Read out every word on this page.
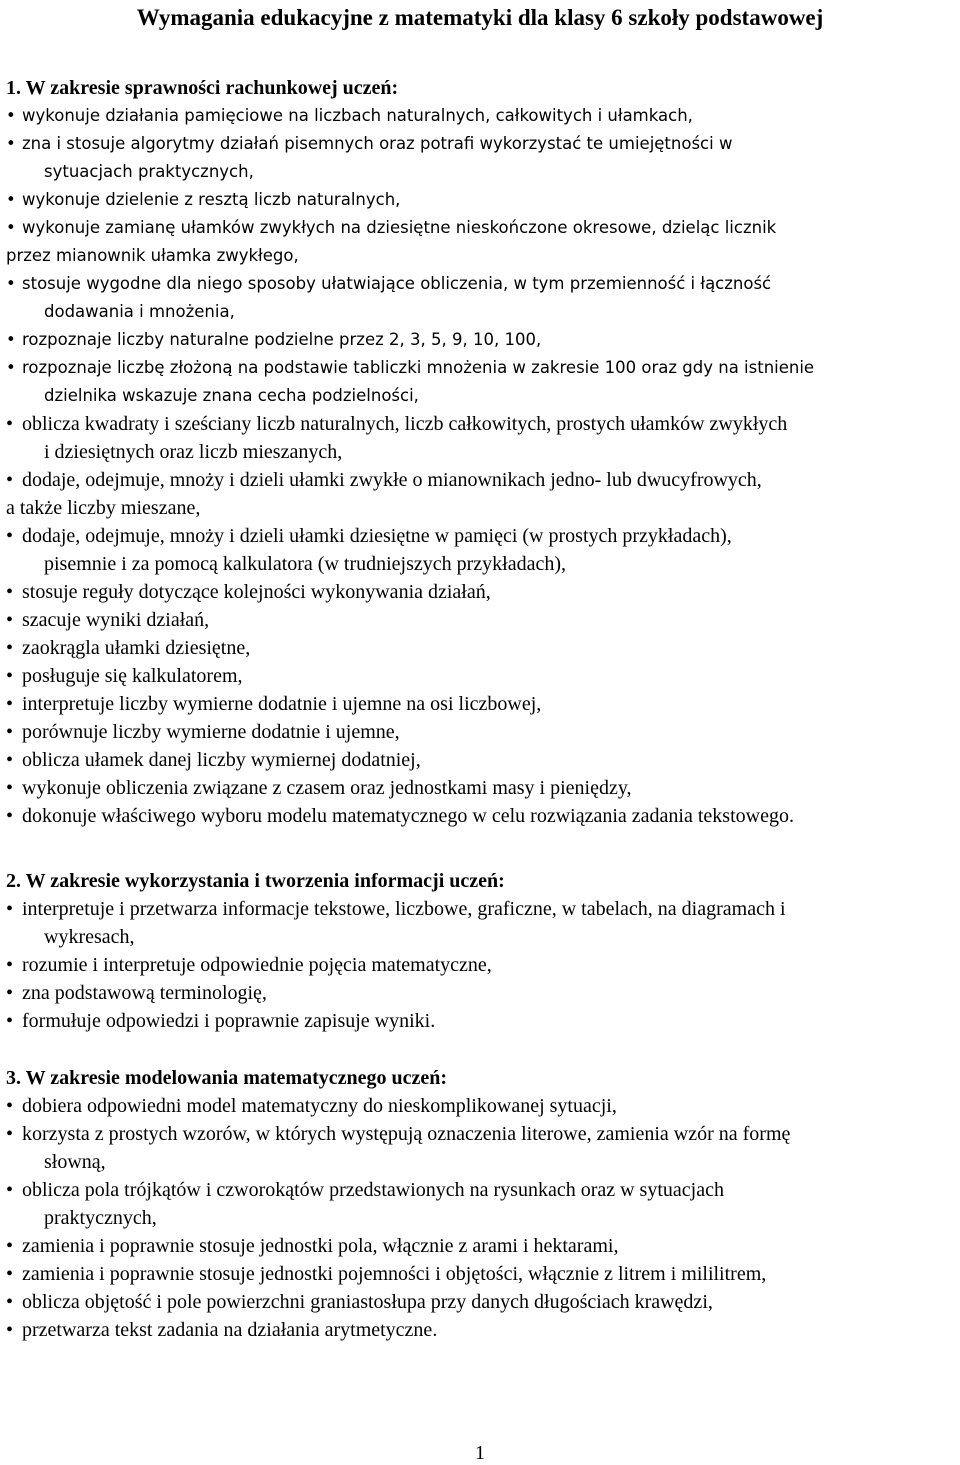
Wymagania edukacyjne z matematyki dla klasy 6 szkoły podstawowej
1. W zakresie sprawności rachunkowej uczeń:
• wykonuje działania pamięciowe na liczbach naturalnych, całkowitych i ułamkach,
• zna i stosuje algorytmy działań pisemnych oraz potrafi wykorzystać te umiejętności w
sytuacjach praktycznych,
• wykonuje dzielenie z resztą liczb naturalnych,
• wykonuje zamianę ułamków zwykłych na dziesiętne nieskończone okresowe, dzieląc licznik
przez mianownik ułamka zwykłego,
• stosuje wygodne dla niego sposoby ułatwiające obliczenia, w tym przemienność i łączność
dodawania i mnożenia,
• rozpoznaje liczby naturalne podzielne przez 2, 3, 5, 9, 10, 100,
• rozpoznaje liczbę złożoną na podstawie tabliczki mnożenia w zakresie 100 oraz gdy na istnienie
dzielnika wskazuje znana cecha podzielności,
• oblicza kwadraty i sześciany liczb naturalnych, liczb całkowitych, prostych ułamków zwykłych
i dziesiętnych oraz liczb mieszanych,
• dodaje, odejmuje, mnoży i dzieli ułamki zwykłe o mianownikach jedno- lub dwucyfrowych,
a także liczby mieszane,
• dodaje, odejmuje, mnoży i dzieli ułamki dziesiętne w pamięci (w prostych przykładach),
pisemnie i za pomocą kalkulatora (w trudniejszych przykładach),
• stosuje reguły dotyczące kolejności wykonywania działań,
• szacuje wyniki działań,
• zaokrągla ułamki dziesiętne,
• posługuje się kalkulatorem,
• interpretuje liczby wymierne dodatnie i ujemne na osi liczbowej,
• porównuje liczby wymierne dodatnie i ujemne,
• oblicza ułamek danej liczby wymiernej dodatniej,
• wykonuje obliczenia związane z czasem oraz jednostkami masy i pieniędzy,
• dokonuje właściwego wyboru modelu matematycznego w celu rozwiązania zadania tekstowego.
2. W zakresie wykorzystania i tworzenia informacji uczeń:
• interpretuje i przetwarza informacje tekstowe, liczbowe, graficzne, w tabelach, na diagramach i
wykresach,
• rozumie i interpretuje odpowiednie pojęcia matematyczne,
• zna podstawową terminologię,
• formułuje odpowiedzi i poprawnie zapisuje wyniki.
3. W zakresie modelowania matematycznego uczeń:
• dobiera odpowiedni model matematyczny do nieskomplikowanej sytuacji,
• korzysta z prostych wzorów, w których występują oznaczenia literowe, zamienia wzór na formę
słowną,
• oblicza pola trójkątów i czworokątów przedstawionych na rysunkach oraz w sytuacjach
praktycznych,
• zamienia i poprawnie stosuje jednostki pola, włącznie z arami i hektarami,
• zamienia i poprawnie stosuje jednostki pojemności i objętości, włącznie z litrem i mililitrem,
• oblicza objętość i pole powierzchni graniastosłupa przy danych długościach krawędzi,
• przetwarza tekst zadania na działania arytmetyczne.
1
